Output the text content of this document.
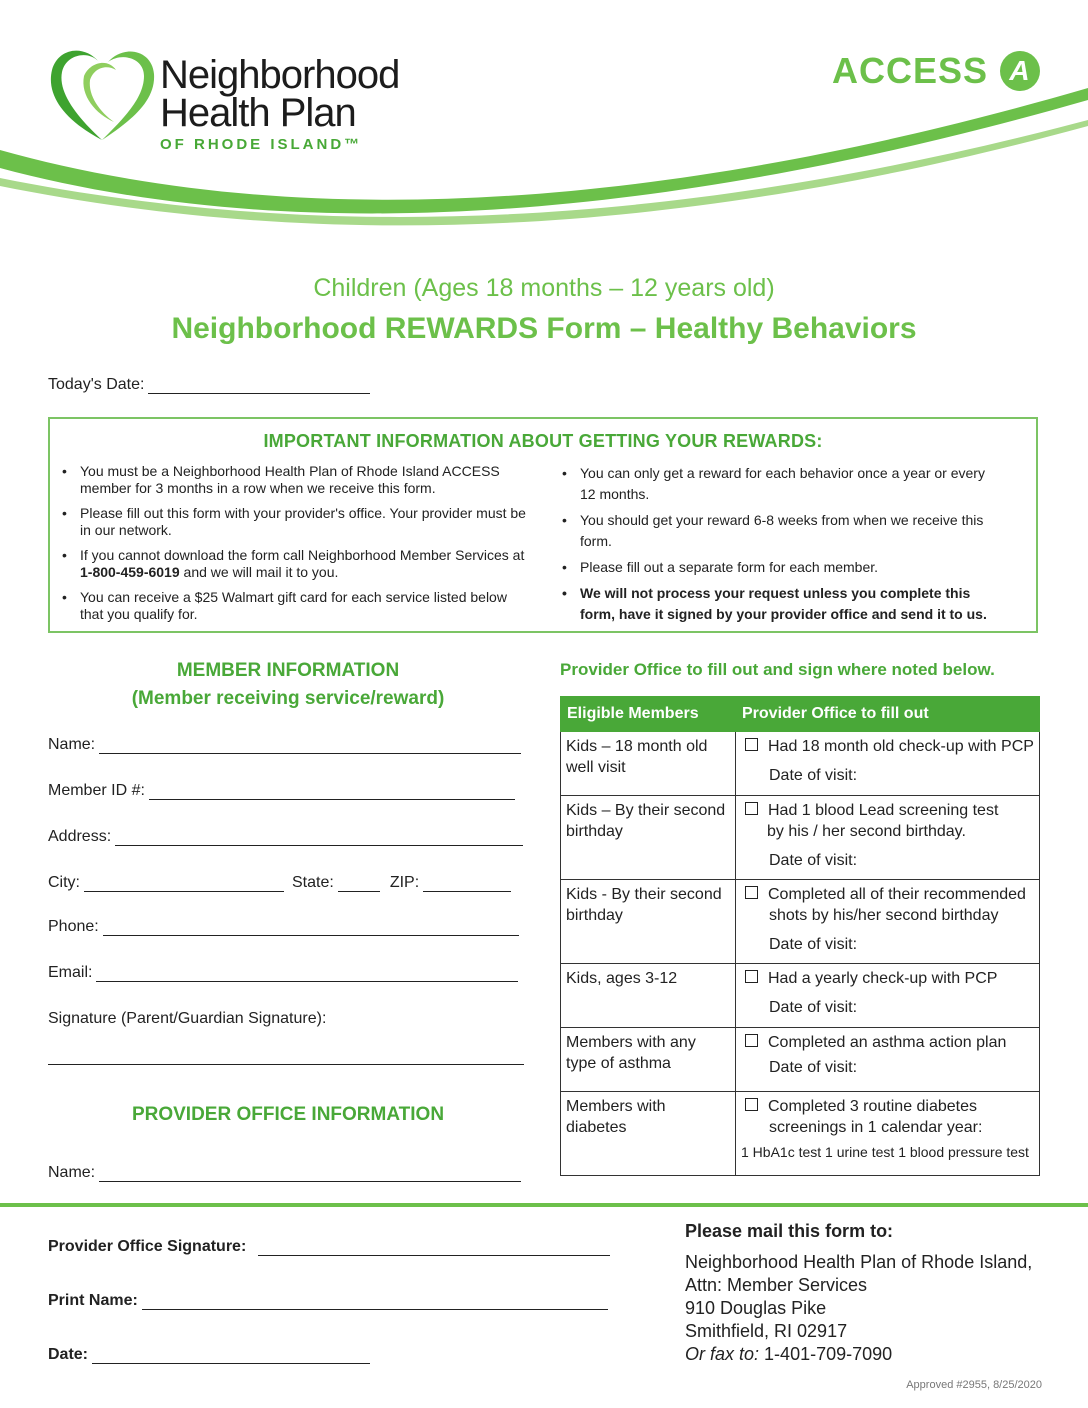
Neighborhood
Health Plan
OF RHODE ISLAND™
ACCESS A
Children (Ages 18 months – 12 years old)
Neighborhood REWARDS Form – Healthy Behaviors
Today's Date:
IMPORTANT INFORMATION ABOUT GETTING YOUR REWARDS:
• You must be a Neighborhood Health Plan of Rhode Island ACCESS member for 3 months in a row when we receive this form.
• Please fill out this form with your provider's office. Your provider must be in our network.
• If you cannot download the form call Neighborhood Member Services at 1-800-459-6019 and we will mail it to you.
• You can receive a $25 Walmart gift card for each service listed below that you qualify for.
• You can only get a reward for each behavior once a year or every 12 months.
• You should get your reward 6-8 weeks from when we receive this form.
• Please fill out a separate form for each member.
• We will not process your request unless you complete this form, have it signed by your provider office and send it to us.
MEMBER INFORMATION
(Member receiving service/reward)
Name:
Member ID #:
Address:
City:	State:	ZIP:
Phone:
Email:
Signature (Parent/Guardian Signature):
PROVIDER OFFICE INFORMATION
Name:
Provider Office to fill out and sign where noted below.
Eligible Members	Provider Office to fill out
Kids – 18 month old well visit	Had 18 month old check-up with PCP
Date of visit:

Kids – By their second birthday	Had 1 blood Lead screening test
by his / her second birthday.
Date of visit:

Kids - By their second birthday	Completed all of their recommended
shots by his/her second birthday
Date of visit:

Kids, ages 3-12	Had a yearly check-up with PCP
Date of visit:

Members with any type of asthma	Completed an asthma action plan
Date of visit:

Members with diabetes	Completed 3 routine diabetes
screenings in 1 calendar year:
1 HbA1c test 1 urine test 1 blood pressure test
Provider Office Signature:
Print Name:
Date:
Please mail this form to:
Neighborhood Health Plan of Rhode Island,
Attn: Member Services
910 Douglas Pike
Smithfield, RI 02917
Or fax to: 1-401-709-7090
Approved #2955, 8/25/2020
